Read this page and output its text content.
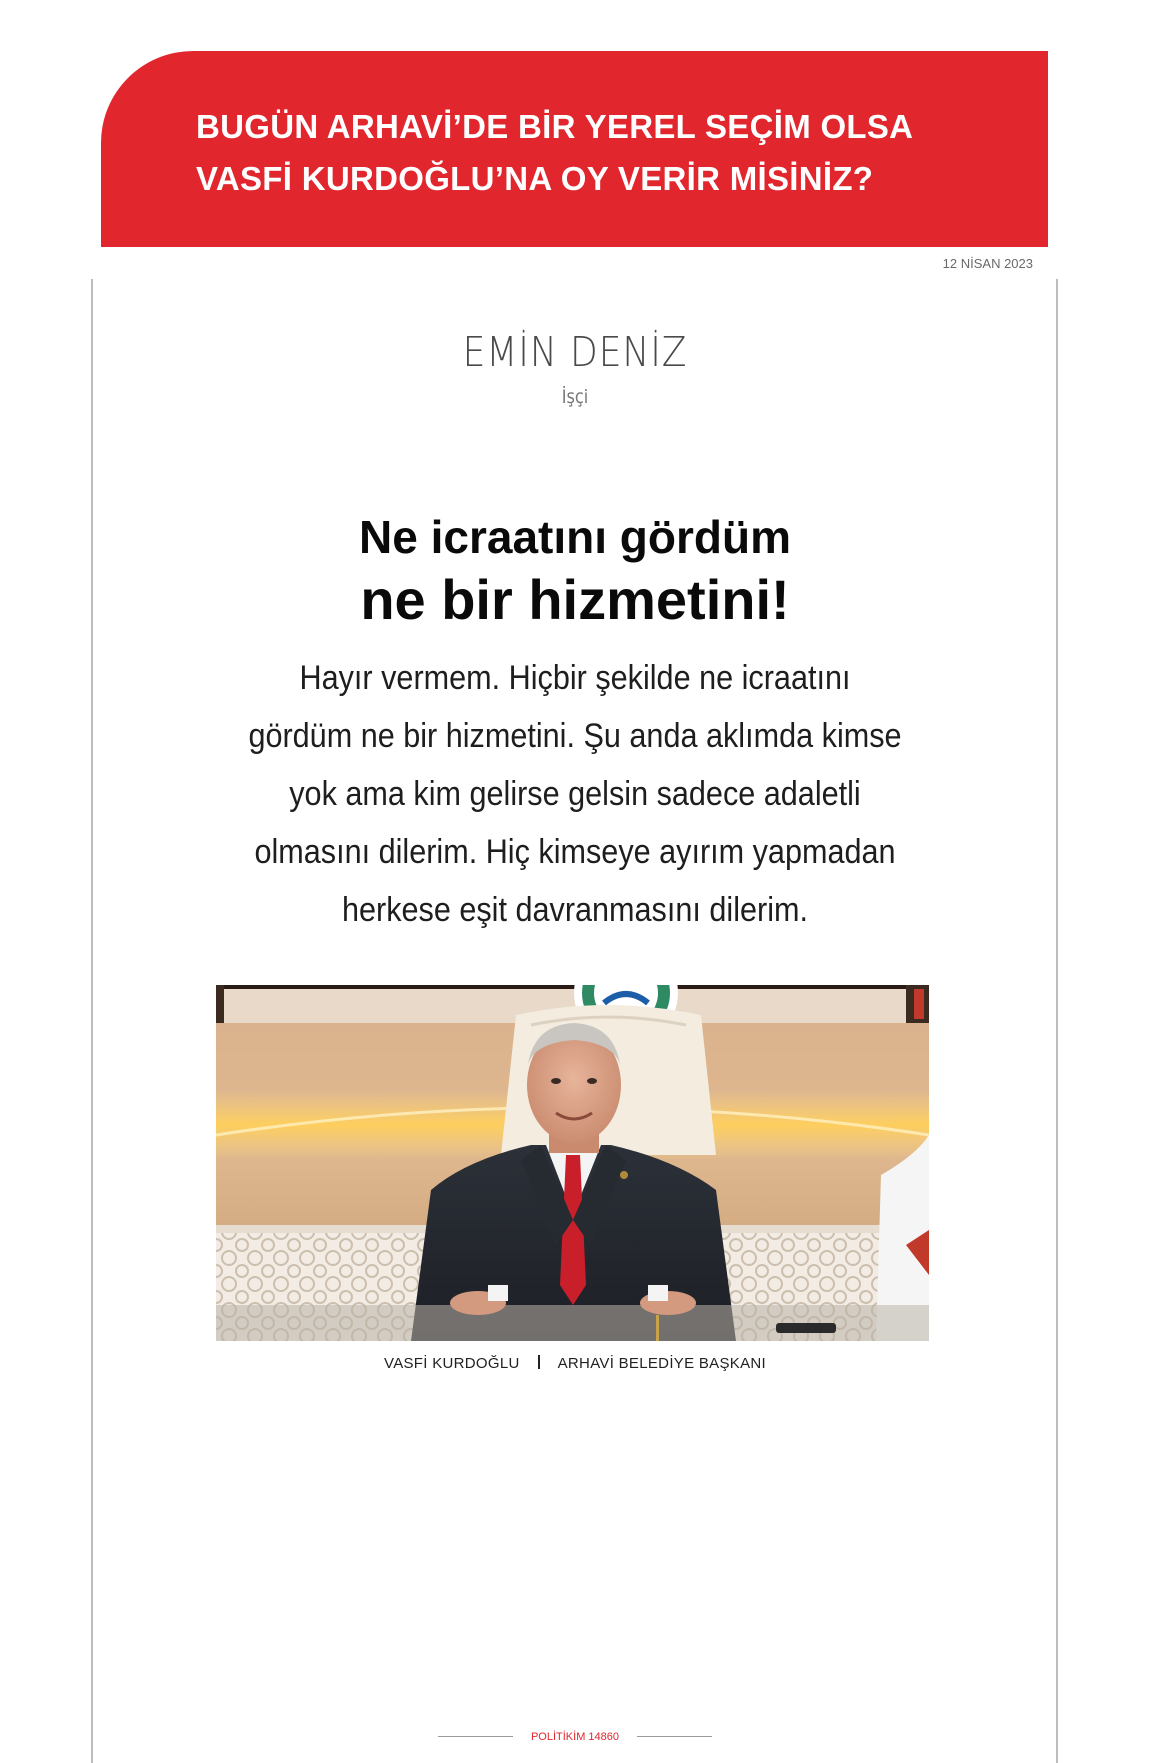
BUGÜN ARHAVİ’DE BİR YEREL SEÇİM OLSA
VASFİ KURDOĞLU’NA OY VERİR MİSİNİZ?
12 NİSAN 2023
EMİN DENİZ
İşçi
Ne icraatını gördüm
ne bir hizmetini!

Hayır vermem. Hiçbir şekilde ne icraatını
gördüm ne bir hizmetini. Şu anda aklımda kimse
yok ama kim gelirse gelsin sadece adaletli
olmasını dilerim. Hiç kimseye ayırım yapmadan
herkese eşit davranmasını dilerim.

VASFİ KURDOĞLU	ARHAVİ BELEDİYE BAŞKANI
POLİTİKİM 14860
